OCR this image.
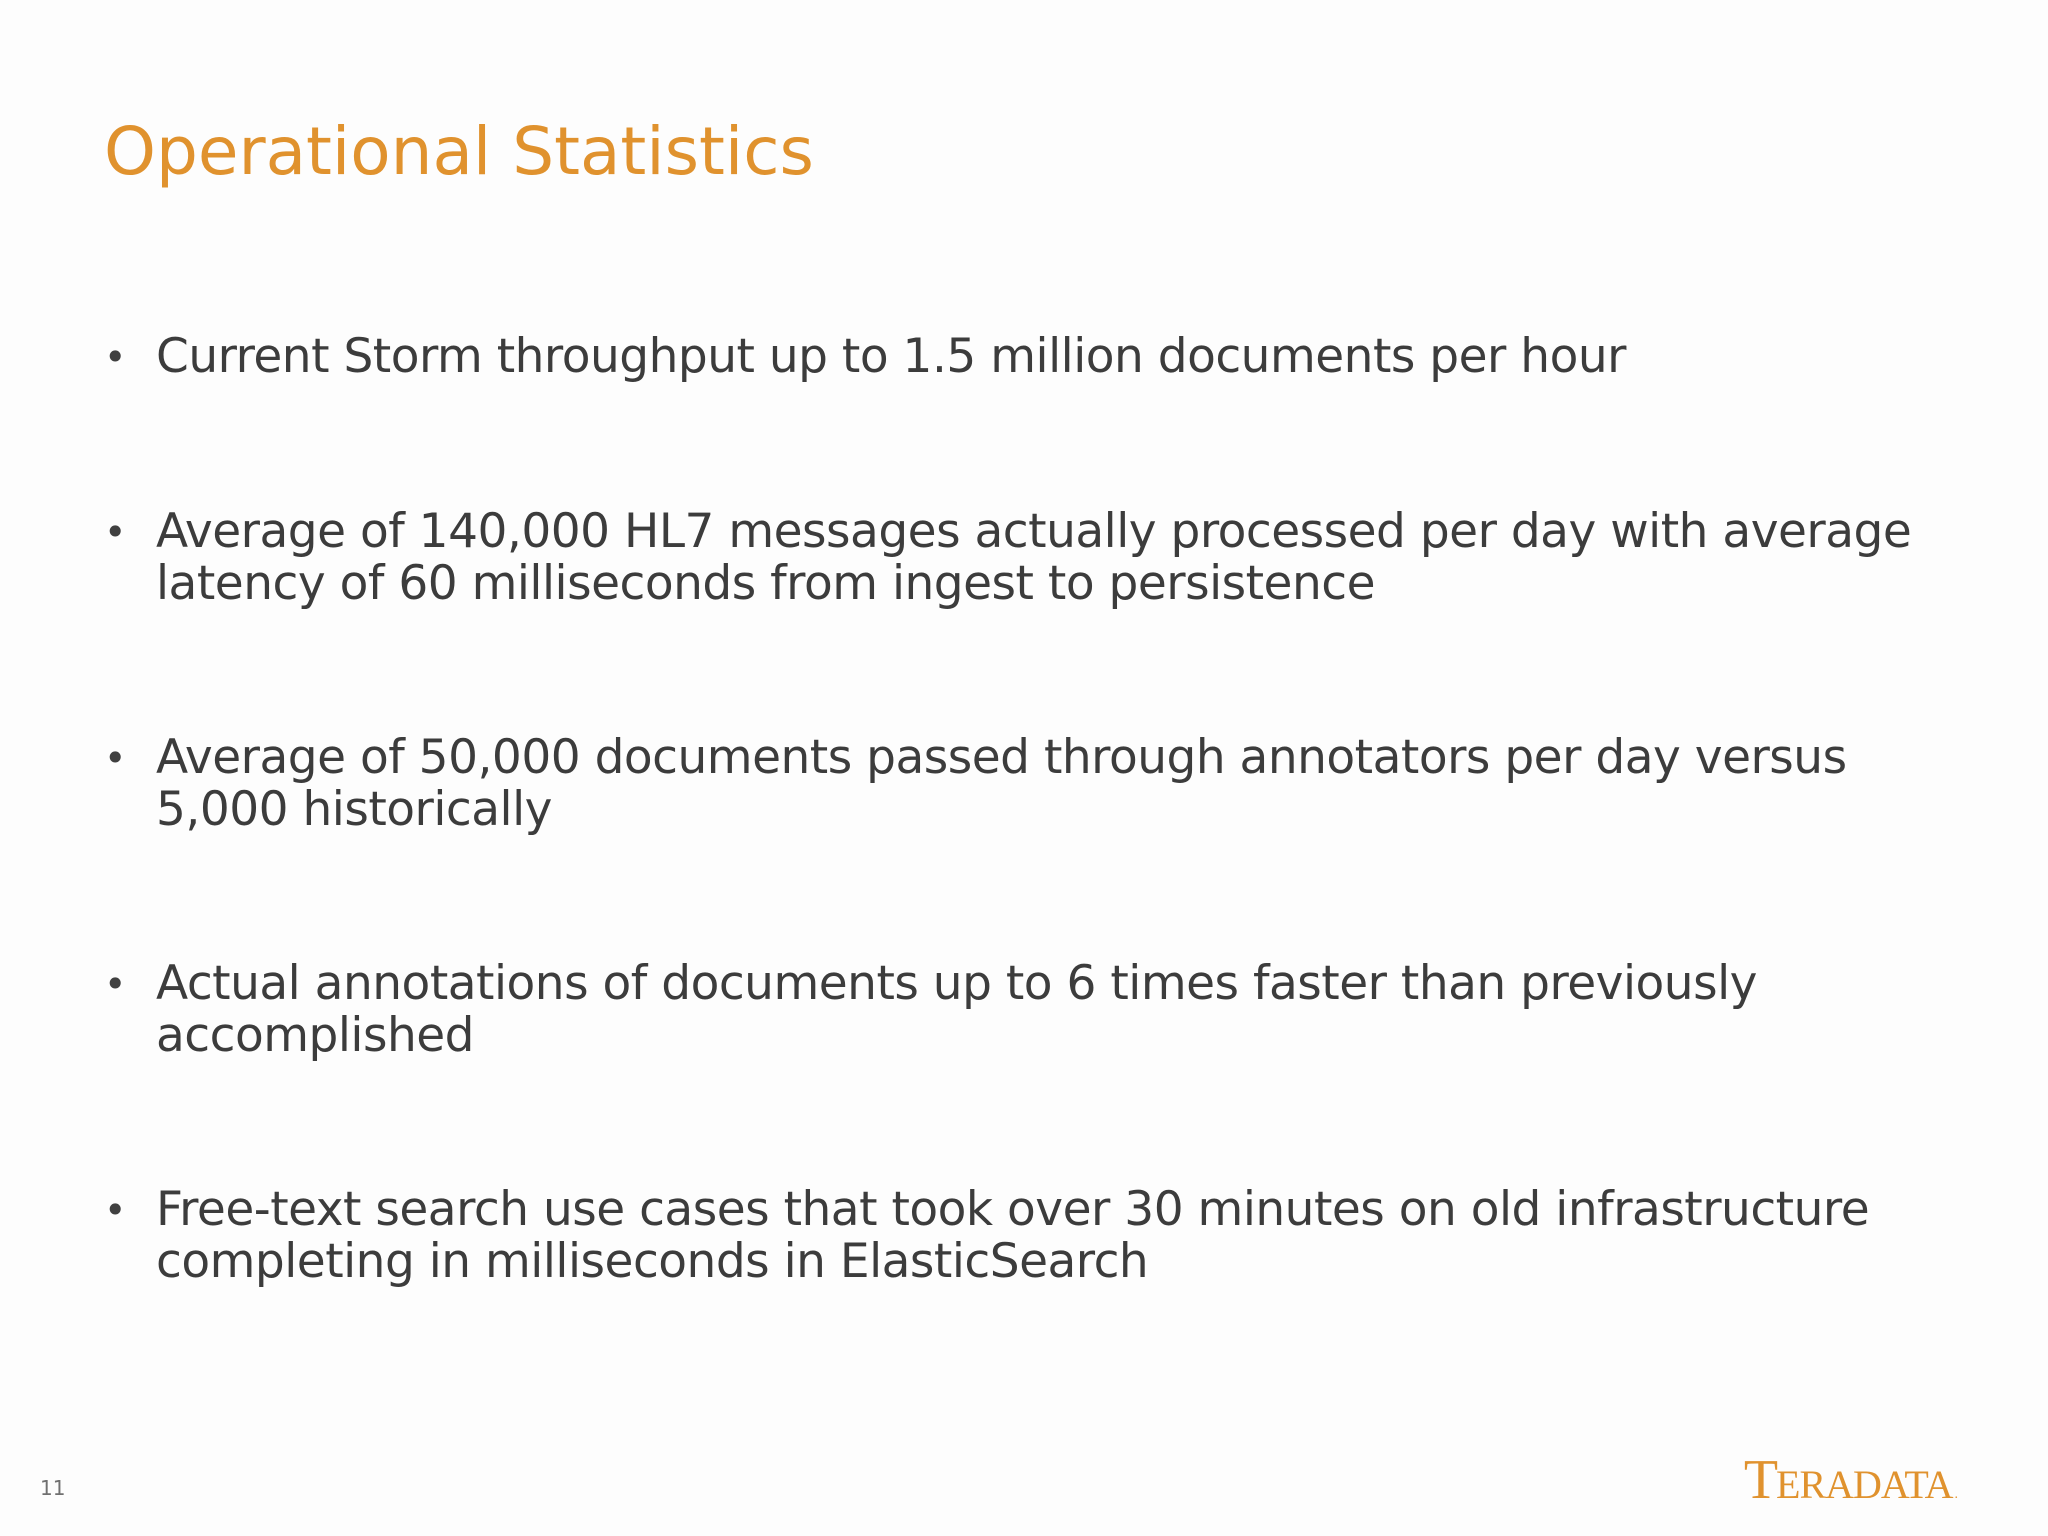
Operational Statistics
• Current Storm throughput up to 1.5 million documents per hour
• Average of 140,000 HL7 messages actually processed per day with average latency of 60 milliseconds from ingest to persistence
• Average of 50,000 documents passed through annotators per day versus 5,000 historically
• Actual annotations of documents up to 6 times faster than previously accomplished
• Free-text search use cases that took over 30 minutes on old infrastructure completing in milliseconds in ElasticSearch
11	T ERADATA .
